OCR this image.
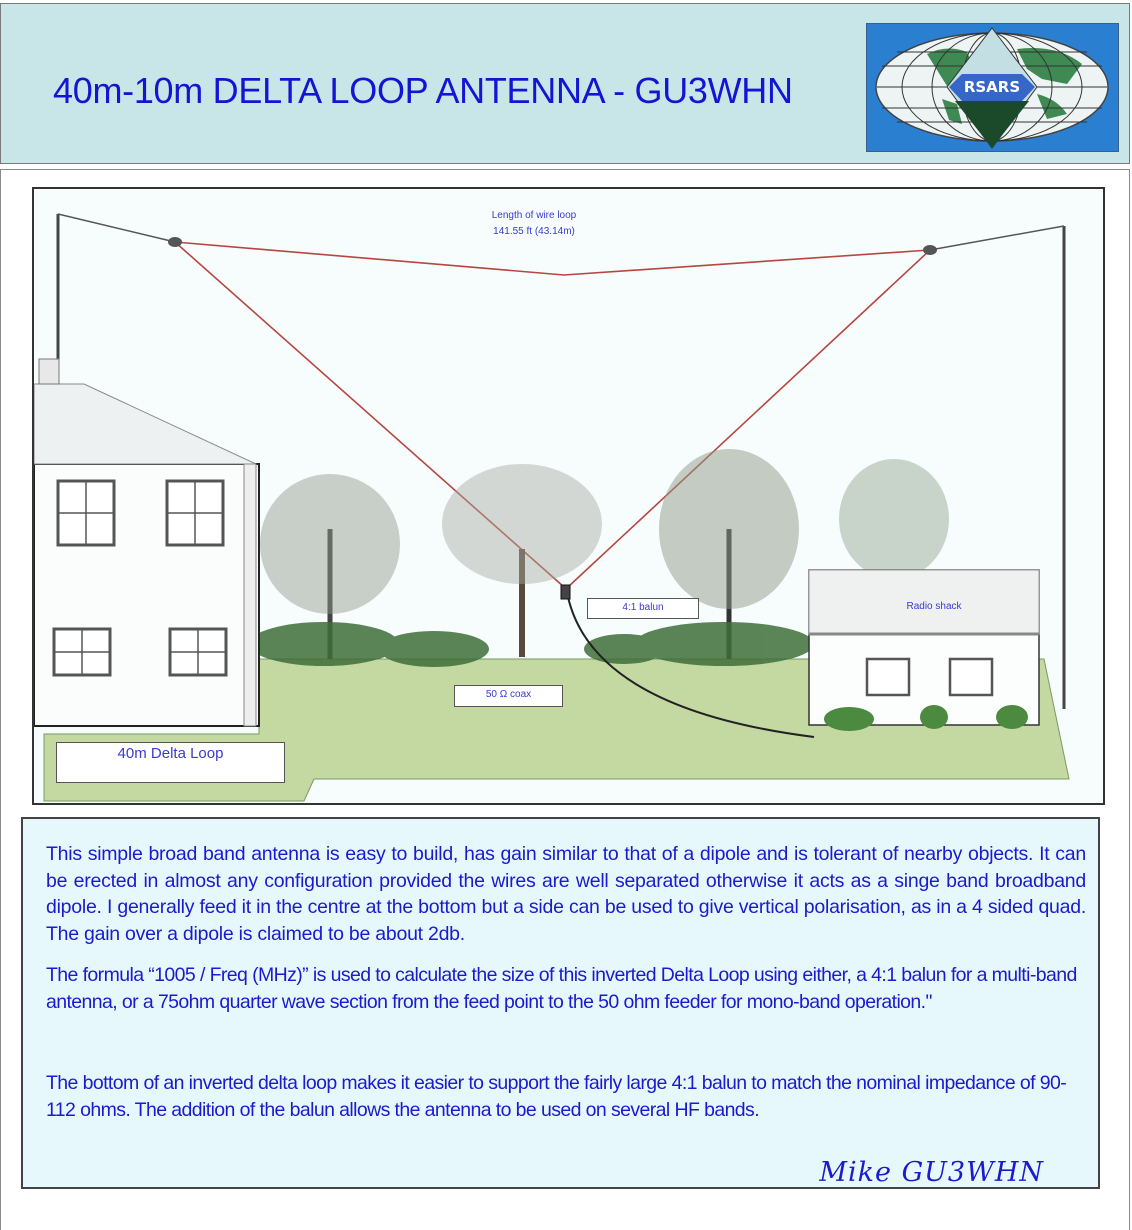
40m-10m DELTA LOOP ANTENNA - GU3WHN	RSARS
Length of wire loop
141.55 ft (43.14m)
4:1 balun
50 Ω coax
Radio shack
40m Delta Loop

This simple broad band antenna is easy to build, has gain similar to that of a dipole and is tolerant of nearby objects. It can be erected in almost any configuration provided the wires are well separated otherwise it acts as a singe band broadband dipole. I generally feed it in the centre at the bottom but a side can be used to give vertical polarisation, as in a 4 sided quad. The gain over a dipole is claimed to be about 2db.

The formula “1005 / Freq (MHz)” is used to calculate the size of this inverted Delta Loop using either, a 4:1 balun for a multi-band antenna, or a 75ohm quarter wave section from the feed point to the 50 ohm feeder for mono-band operation."

The bottom of an inverted delta loop makes it easier to support the fairly large 4:1 balun to match the nominal impedance of 90-112 ohms. The addition of the balun allows the antenna to be used on several HF bands.

Mike GU3WHN
